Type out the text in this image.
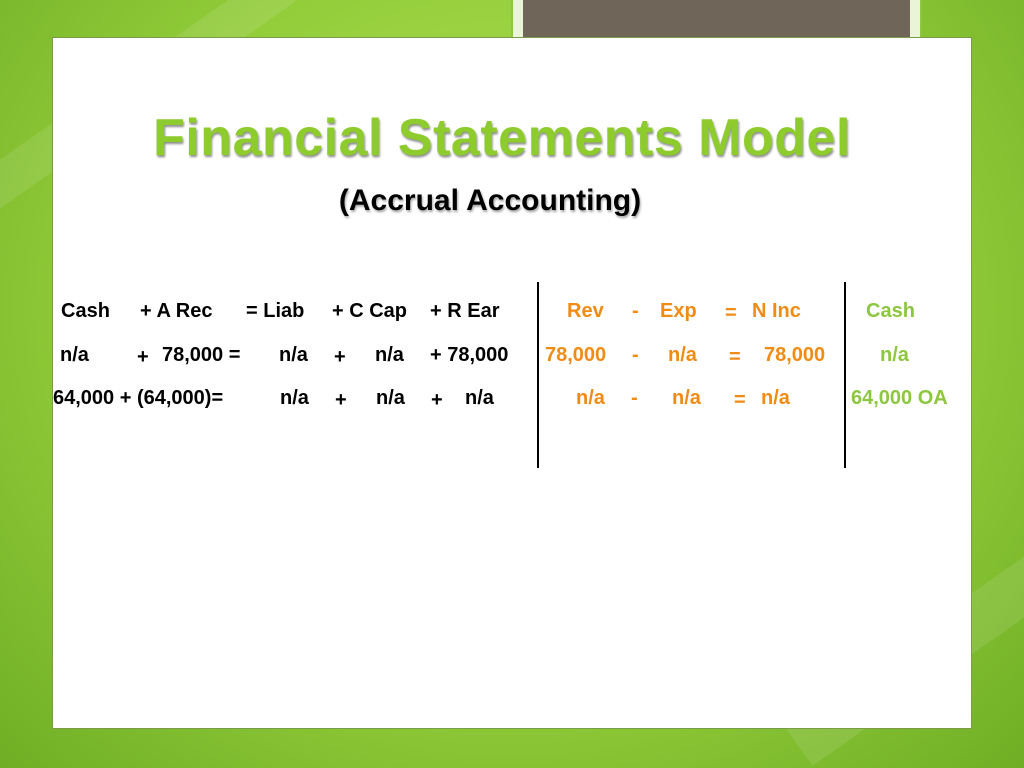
Financial Statements Model
(Accrual Accounting)
Cash + A Rec = Liab + C Cap + R Ear
n/a + 78,000 = n/a + n/a + 78,000
64,000 + (64,000)=	n/a + n/a + n/a
Rev - Exp = N Inc
78,000 - n/a = 78,000
n/a - n/a = n/a
Cash
n/a
64,000 OA
